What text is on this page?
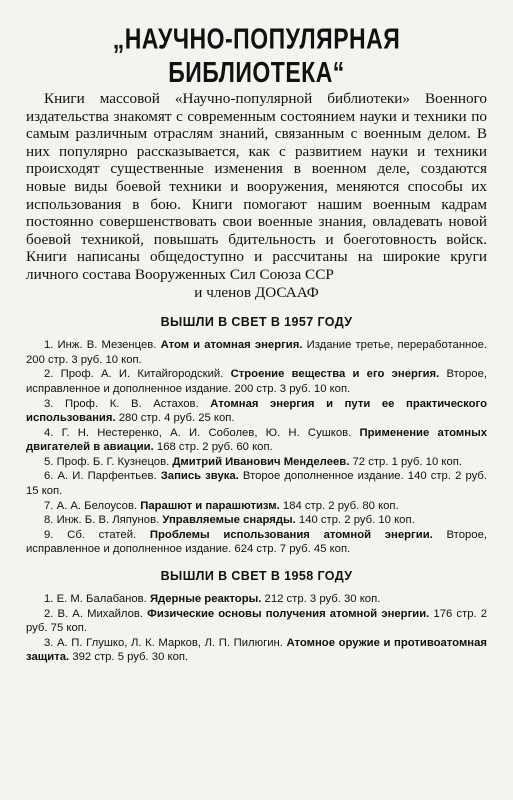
„НАУЧНО-ПОПУЛЯРНАЯ БИБЛИОТЕКА“

Книги массовой «Научно-популярной библиотеки» Военного издательства знакомят с современным состоянием науки и техники по самым различным отраслям знаний, связанным с военным делом. В них популярно рассказывается, как с развитием науки и техники происходят существенные изменения в военном деле, создаются новые виды боевой техники и вооружения, меняются способы их использования в бою. Книги помогают нашим военным кадрам постоянно совершенствовать свои военные знания, овладевать новой боевой техникой, повышать бдительность и боеготовность войск. Книги написаны общедоступно и рассчитаны на широкие круги личного состава Вооруженных Сил Союза ССР

и членов ДОСААФ

ВЫШЛИ В СВЕТ В 1957 ГОДУ
1. Инж. В. Мезенцев. Атом и атомная энергия. Издание третье, переработанное. 200 стр. 3 руб. 10 коп.
2. Проф. А. И. Китайгородский. Строение вещества и его энергия. Второе, исправленное и дополненное издание. 200 стр. 3 руб. 10 коп.
3. Проф. К. В. Астахов. Атомная энергия и пути ее практического использования. 280 стр. 4 руб. 25 коп.
4. Г. Н. Нестеренко, А. И. Соболев, Ю. Н. Сушков. Применение атомных двигателей в авиации. 168 стр. 2 руб. 60 коп.
5. Проф. Б. Г. Кузнецов. Дмитрий Иванович Менделеев. 72 стр. 1 руб. 10 коп.
6. А. И. Парфентьев. Запись звука. Второе дополненное издание. 140 стр. 2 руб. 15 коп.
7. А. А. Белоусов. Парашют и парашютизм. 184 стр. 2 руб. 80 коп.
8. Инж. Б. В. Ляпунов. Управляемые снаряды. 140 стр. 2 руб. 10 коп.
9. Сб. статей. Проблемы использования атомной энергии. Второе, исправленное и дополненное издание. 624 стр. 7 руб. 45 коп.
ВЫШЛИ В СВЕТ В 1958 ГОДУ
1. Е. М. Балабанов. Ядерные реакторы. 212 стр. 3 руб. 30 коп.
2. В. А. Михайлов. Физические основы получения атомной энергии. 176 стр. 2 руб. 75 коп.
3. А. П. Глушко, Л. К. Марков, Л. П. Пилюгин. Атомное оружие и противоатомная защита. 392 стр. 5 руб. 30 коп.
